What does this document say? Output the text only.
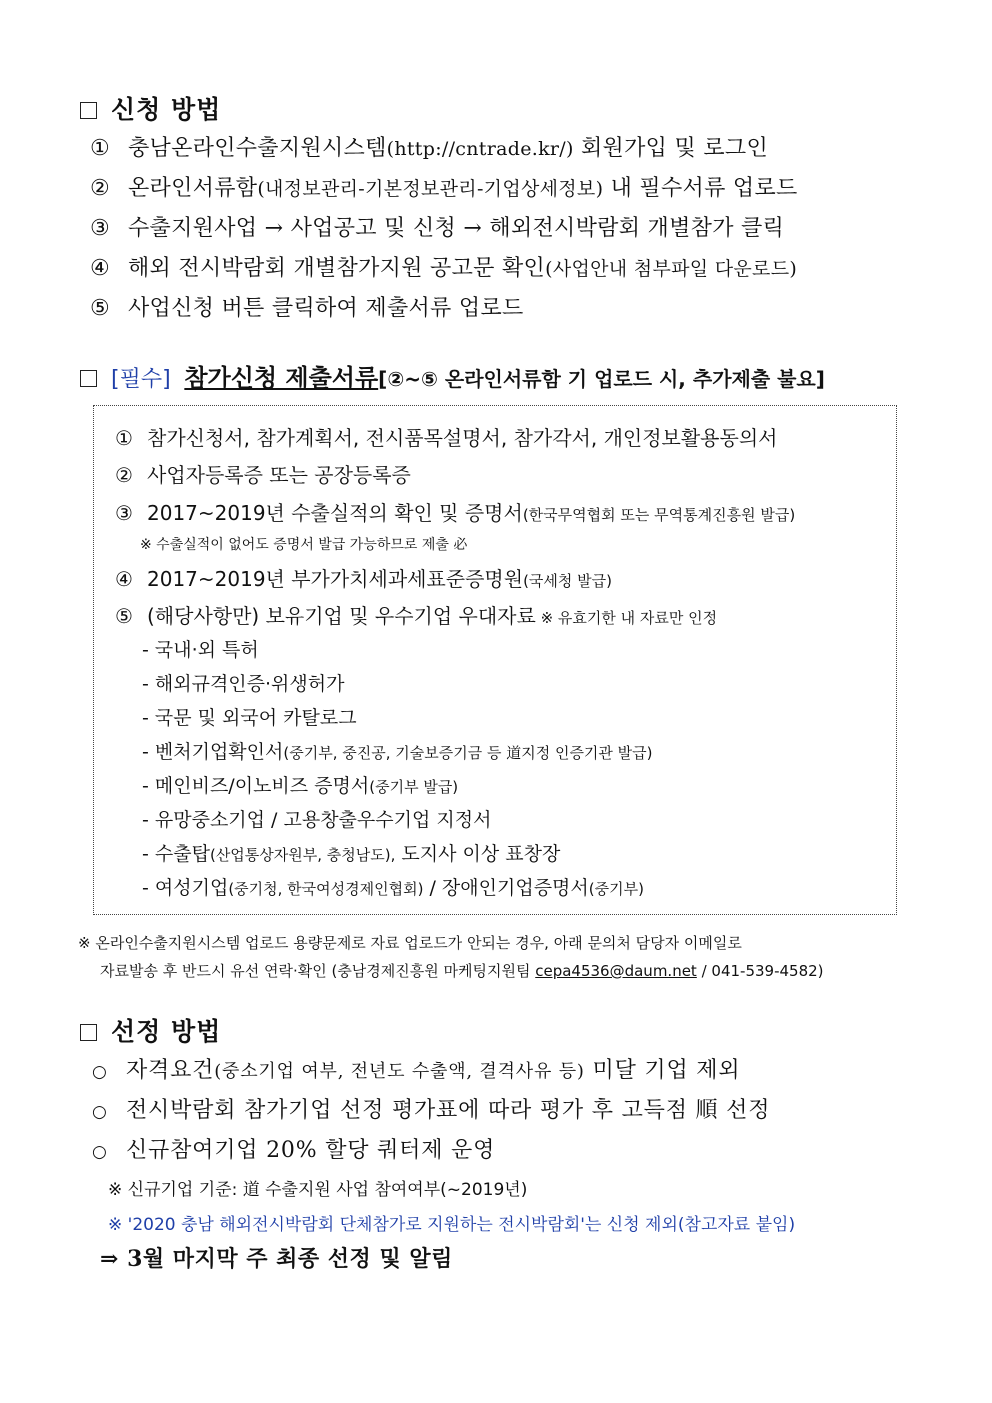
신청 방법
① 충남온라인수출지원시스템(http://cntrade.kr/) 회원가입 및 로그인
② 온라인서류함(내정보관리-기본정보관리-기업상세정보) 내 필수서류 업로드
③ 수출지원사업 → 사업공고 및 신청 → 해외전시박람회 개별참가 클릭
④ 해외 전시박람회 개별참가지원 공고문 확인(사업안내 첨부파일 다운로드)
⑤ 사업신청 버튼 클릭하여 제출서류 업로드
[필수] 참가신청 제출서류[②~⑤ 온라인서류함 기 업로드 시, 추가제출 불요]
① 참가신청서, 참가계획서, 전시품목설명서, 참가각서, 개인정보활용동의서
② 사업자등록증 또는 공장등록증
③ 2017~2019년 수출실적의 확인 및 증명서(한국무역협회 또는 무역통계진흥원 발급)
※ 수출실적이 없어도 증명서 발급 가능하므로 제출 必
④ 2017~2019년 부가가치세과세표준증명원(국세청 발급)
⑤ (해당사항만) 보유기업 및 우수기업 우대자료 ※ 유효기한 내 자료만 인정
- 국내·외 특허
- 해외규격인증·위생허가
- 국문 및 외국어 카탈로그
- 벤처기업확인서(중기부, 중진공, 기술보증기금 등 道지정 인증기관 발급)
- 메인비즈/이노비즈 증명서(중기부 발급)
- 유망중소기업 / 고용창출우수기업 지정서
- 수출탑(산업통상자원부, 충청남도), 도지사 이상 표창장
- 여성기업(중기청, 한국여성경제인협회) / 장애인기업증명서(중기부)
※ 온라인수출지원시스템 업로드 용량문제로 자료 업로드가 안되는 경우, 아래 문의처 담당자 이메일로
자료발송 후 반드시 유선 연락·확인 (충남경제진흥원 마케팅지원팀 cepa4536@daum.net / 041-539-4582)
선정 방법
○ 자격요건(중소기업 여부, 전년도 수출액, 결격사유 등) 미달 기업 제외
○ 전시박람회 참가기업 선정 평가표에 따라 평가 후 고득점 順 선정
○ 신규참여기업 20% 할당 쿼터제 운영
※ 신규기업 기준: 道 수출지원 사업 참여여부(~2019년)
※ '2020 충남 해외전시박람회 단체참가로 지원하는 전시박람회'는 신청 제외(참고자료 붙임)
⇒ 3월 마지막 주 최종 선정 및 알림
